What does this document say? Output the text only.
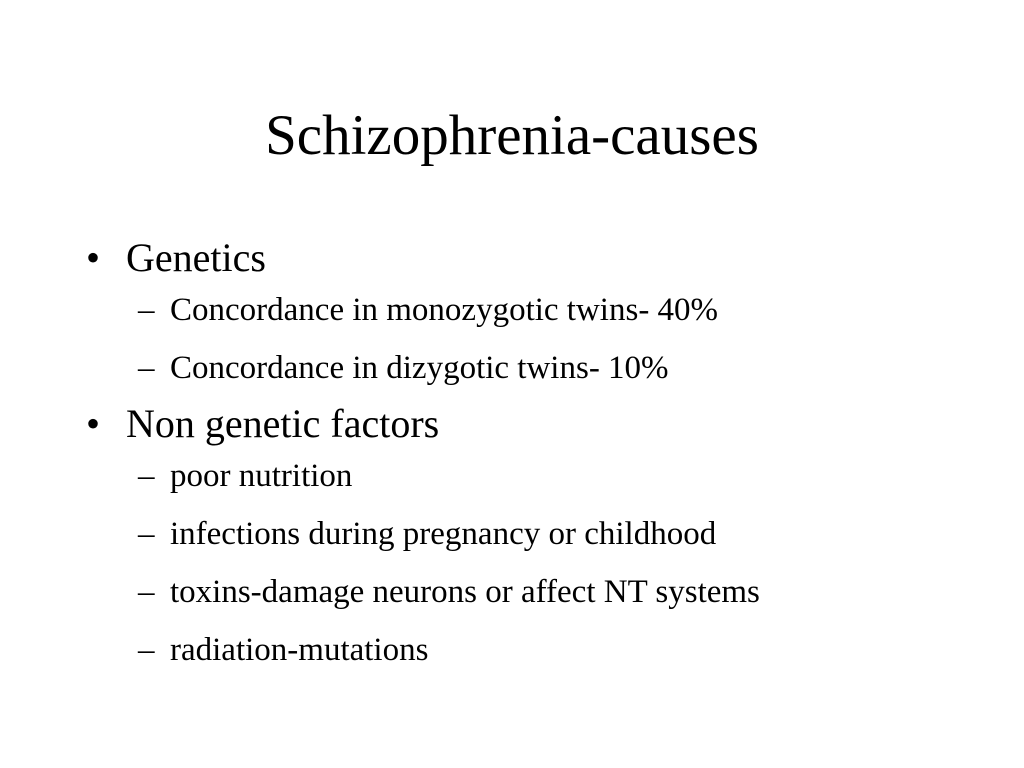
Schizophrenia-causes
• Genetics
– Concordance in monozygotic twins- 40%
– Concordance in dizygotic twins- 10%
• Non genetic factors
– poor nutrition
– infections during pregnancy or childhood
– toxins-damage neurons or affect NT systems
– radiation-mutations
